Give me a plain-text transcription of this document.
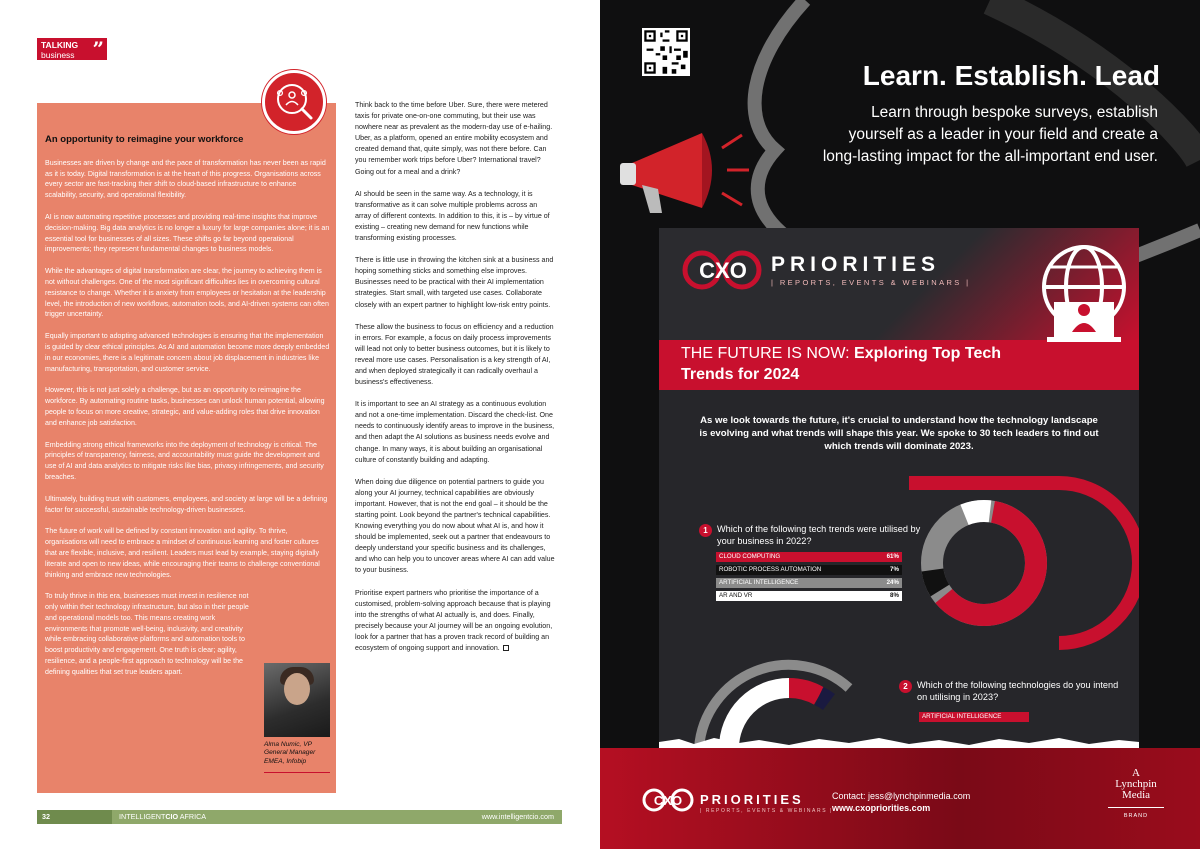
TALKING
business ”
An opportunity to reimagine your workforce

Businesses are driven by change and the pace of transformation has never been as rapid as it is today. Digital transformation is at the heart of this progress. Organisations across every sector are fast-tracking their shift to cloud-based infrastructure to enhance scalability, security, and operational flexibility.

AI is now automating repetitive processes and providing real-time insights that improve decision-making. Big data analytics is no longer a luxury for large companies alone; it is an essential tool for businesses of all sizes. These shifts go far beyond operational improvements; they represent fundamental changes to business models.

While the advantages of digital transformation are clear, the journey to achieving them is not without challenges. One of the most significant difficulties lies in overcoming cultural resistance to change. Whether it is anxiety from employees or hesitation at the leadership level, the introduction of new workflows, automation tools, and AI-driven systems can often trigger uncertainty.

Equally important to adopting advanced technologies is ensuring that the implementation is guided by clear ethical principles. As AI and automation become more deeply embedded in our economies, there is a legitimate concern about job displacement in industries like manufacturing, transportation, and customer service.

However, this is not just solely a challenge, but as an opportunity to reimagine the workforce. By automating routine tasks, businesses can unlock human potential, allowing people to focus on more creative, strategic, and value-adding roles that drive innovation and enhance job satisfaction.

Embedding strong ethical frameworks into the deployment of technology is critical. The principles of transparency, fairness, and accountability must guide the development and use of AI and data analytics to mitigate risks like bias, privacy infringements, and security breaches.

Ultimately, building trust with customers, employees, and society at large will be a defining factor for successful, sustainable technology-driven businesses.

The future of work will be defined by constant innovation and agility. To thrive, organisations will need to embrace a mindset of continuous learning and foster cultures that are flexible, inclusive, and resilient. Leaders must lead by example, staying digitally literate and open to new ideas, while encouraging their teams to challenge conventional thinking and embrace new technologies.

To truly thrive in this era, businesses must invest in resilience not only within their technology infrastructure, but also in their people and operational models too. This means creating work environments that promote well-being, inclusivity, and creativity while embracing collaborative platforms and automation tools to boost productivity and engagement. One truth is clear; agility, resilience, and a people-first approach to technology will be the defining qualities that set true leaders apart.

Alma Numic, VP General Manager EMEA, Infobip

Think back to the time before Uber. Sure, there were metered taxis for private one-on-one commuting, but their use was nowhere near as prevalent as the modern-day use of e-hailing. Uber, as a platform, opened an entire mobility ecosystem and created demand that, quite simply, was not there before. Can you remember work trips before Uber? International travel? Going out for a meal and a drink?

AI should be seen in the same way. As a technology, it is transformative as it can solve multiple problems across an array of different contexts. In addition to this, it is – by virtue of existing – creating new demand for new functions while transforming existing processes.

There is little use in throwing the kitchen sink at a business and hoping something sticks and something else improves. Businesses need to be practical with their AI implementation strategies. Start small, with targeted use cases. Collaborate closely with an expert partner to highlight low-risk entry points.

These allow the business to focus on efficiency and a reduction in errors. For example, a focus on daily process improvements will lead not only to better business outcomes, but it is likely to reveal more use cases. Personalisation is a key strength of AI, and when deployed strategically it can radically overhaul a business's effectiveness.

It is important to see an AI strategy as a continuous evolution and not a one-time implementation. Discard the check-list. One needs to continuously identify areas to improve in the business, and then adapt the AI solutions as business needs evolve and change. In many ways, it is about building an organisational culture of constantly building and adapting.

When doing due diligence on potential partners to guide you along your AI journey, technical capabilities are obviously important. However, that is not the end goal – it should be the starting point. Look beyond the partner's technical capabilities. Knowing everything you do now about what AI is, and how it should be implemented, seek out a partner that endeavours to deeply understand your specific business and its challenges, and who can help you to uncover areas where AI can add value to your business.

Prioritise expert partners who prioritise the importance of a customised, problem-solving approach because that is playing into the strengths of what AI actually is, and does. Finally, precisely because your AI journey will be an ongoing evolution, look for a partner that has a proven track record of building an ecosystem of ongoing support and innovation.

32	INTELLIGENTCIO AFRICA	www.intelligentcio.com
Learn. Establish. Lead
Learn through bespoke surveys, establish yourself as a leader in your field and create a long-lasting impact for the all-important end user.
CXO PRIORITIES
| REPORTS, EVENTS & WEBINARS |
THE FUTURE IS NOW: Exploring Top Tech Trends for 2024
As we look towards the future, it's crucial to understand how the technology landscape is evolving and what trends will shape this year. We spoke to 30 tech leaders to find out which trends will dominate 2023.
1	Which of the following tech trends were utilised by your business in 2022?
CLOUD COMPUTING	61%
ROBOTIC PROCESS AUTOMATION	7%
ARTIFICIAL INTELLIGENCE	24%
AR AND VR	8%
2	Which of the following technologies do you intend on utilising in 2023?
ARTIFICIAL INTELLIGENCE
CXO PRIORITIES
| REPORTS, EVENTS & WEBINARS |
Contact: jess@lynchpinmedia.com
www.cxopriorities.com
A
Lynchpin
Media
BRAND
